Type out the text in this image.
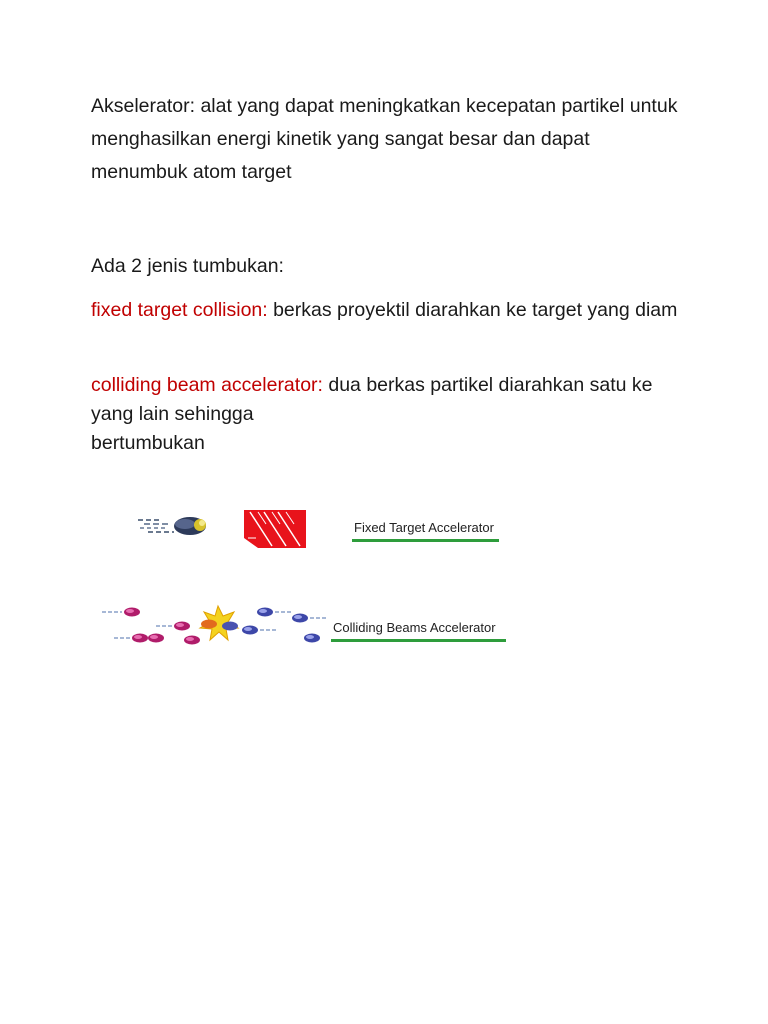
Akselerator: alat yang dapat meningkatkan kecepatan partikel untuk menghasilkan energi kinetik yang sangat besar dan dapat menumbuk atom target
Ada 2 jenis tumbukan:
fixed target collision: berkas proyektil diarahkan ke target yang diam
colliding beam accelerator: dua berkas partikel diarahkan satu ke yang lain sehingga
bertumbukan
Fixed Target Accelerator
Colliding Beams Accelerator
